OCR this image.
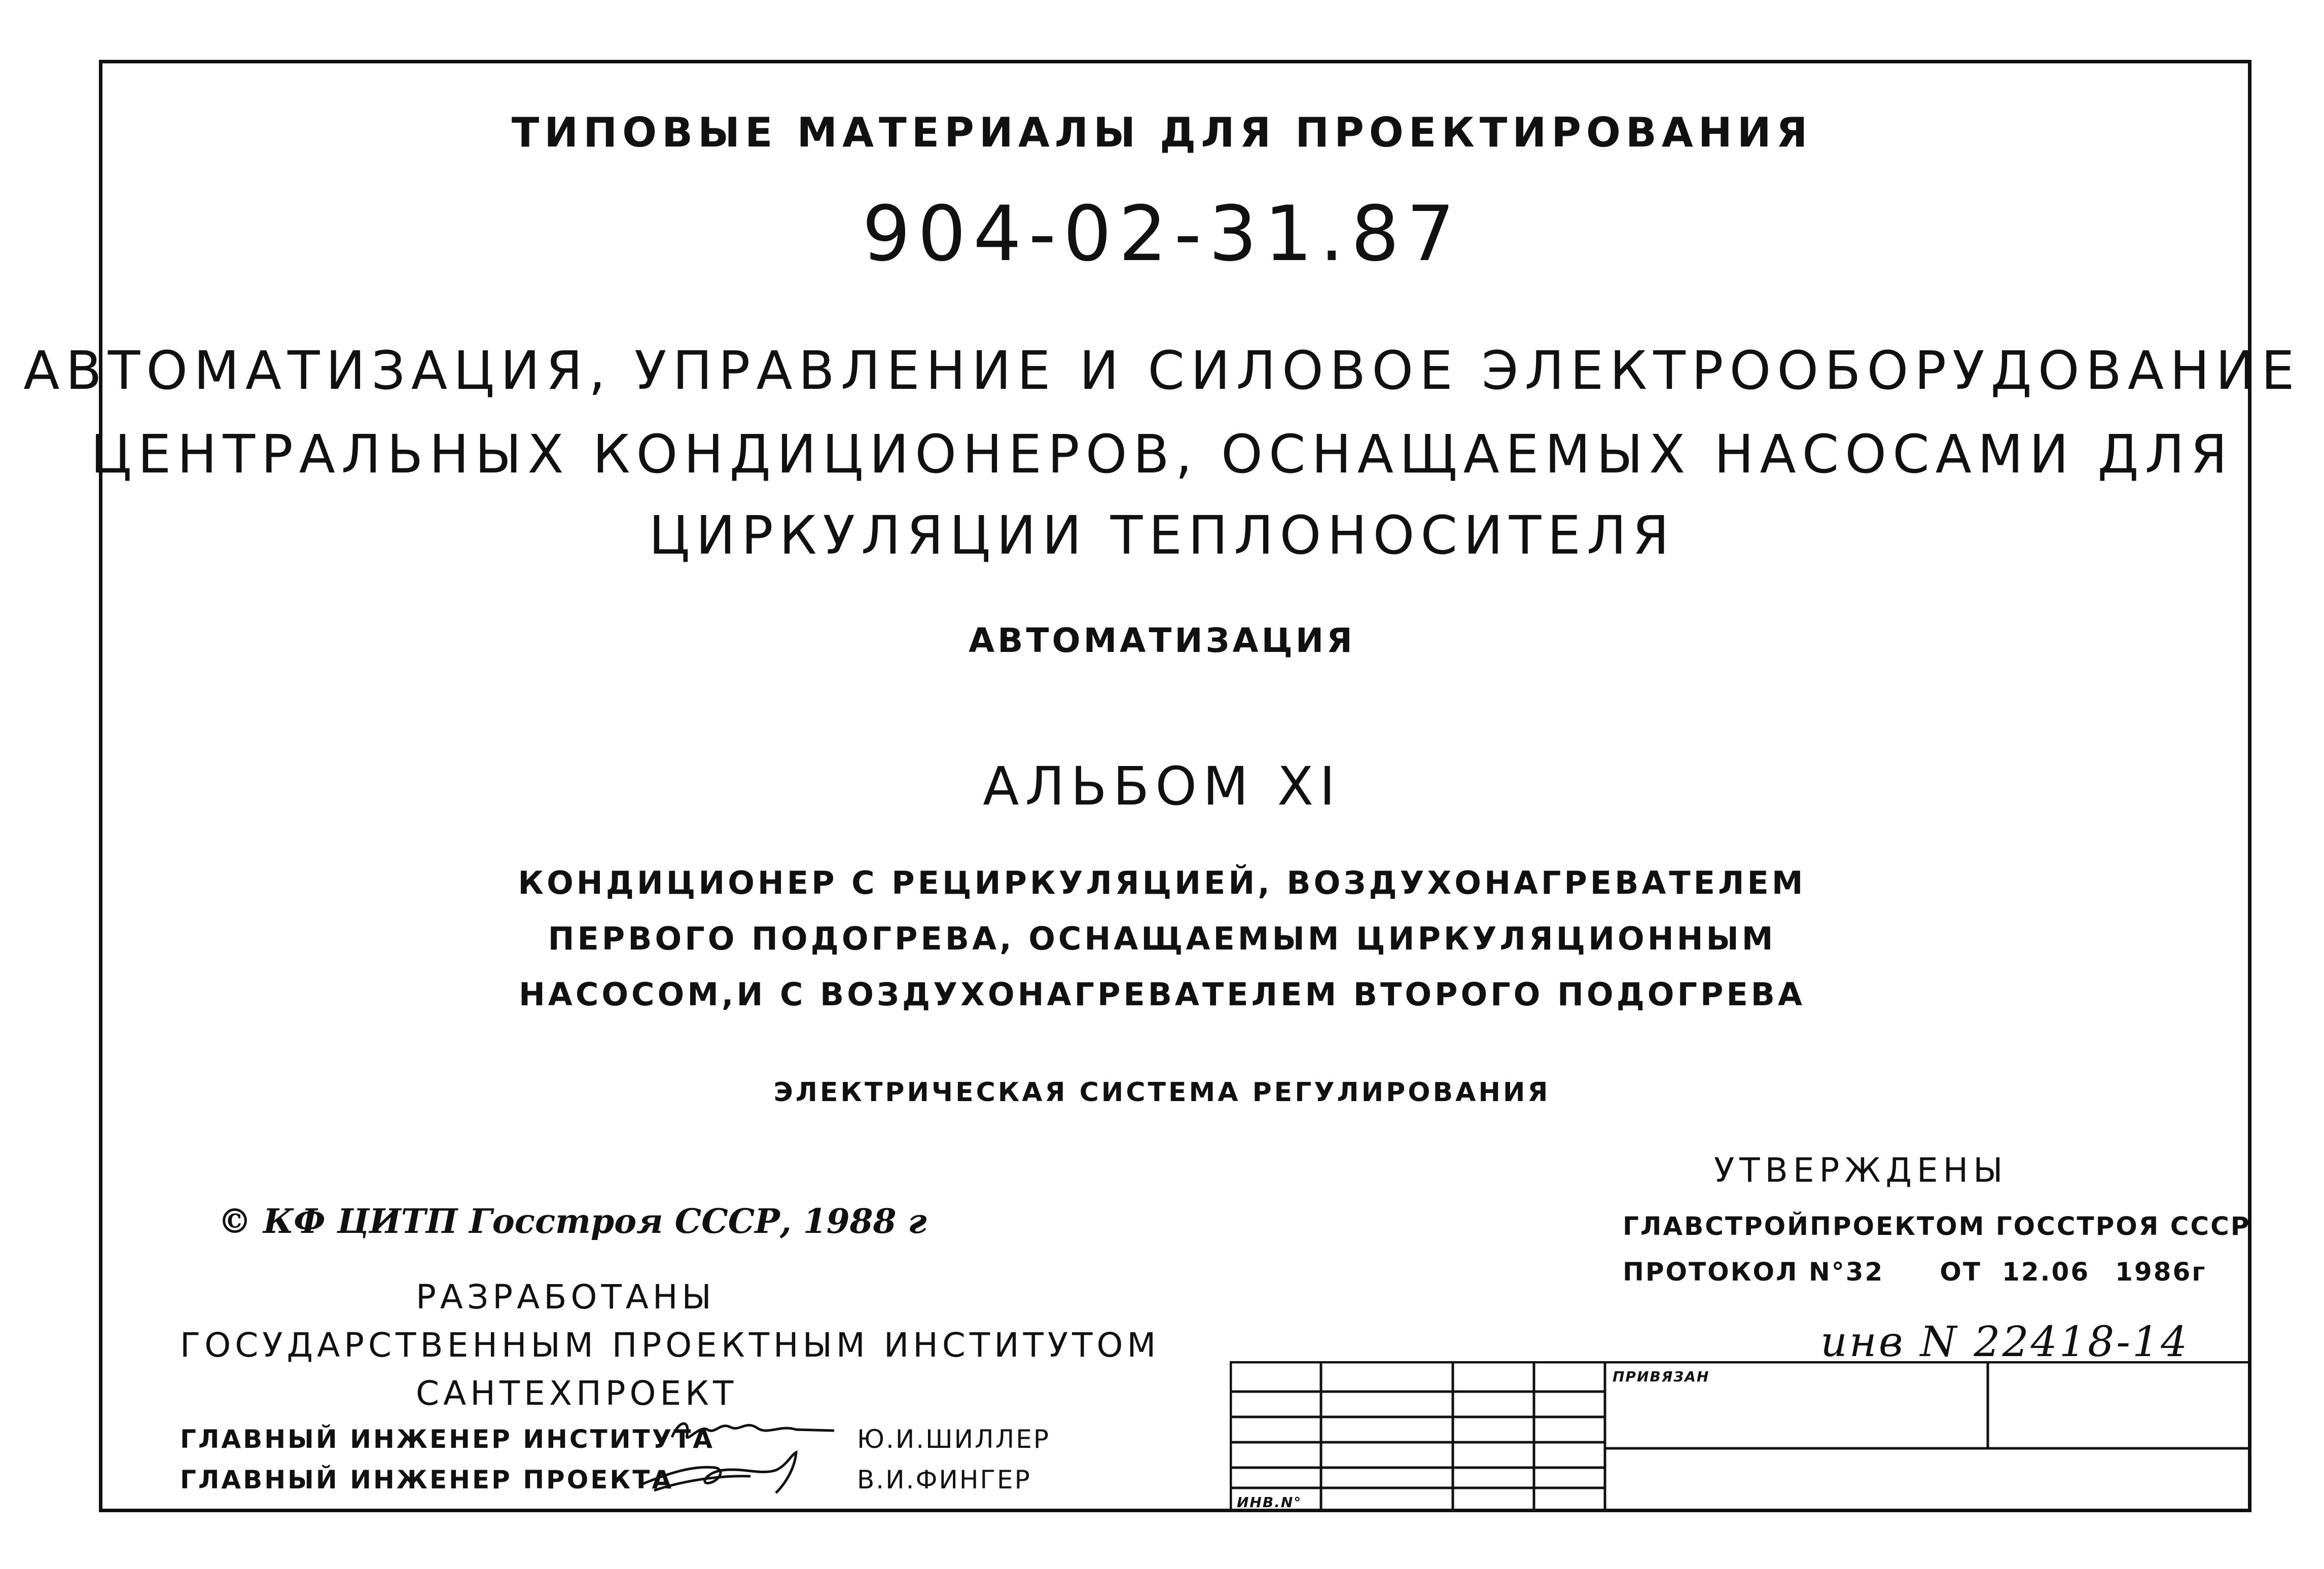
ТИПОВЫЕ МАТЕРИАЛЫ ДЛЯ ПРОЕКТИРОВАНИЯ
904-02-31.87
АВТОМАТИЗАЦИЯ, УПРАВЛЕНИЕ И СИЛОВОЕ ЭЛЕКТРООБОРУДОВАНИЕ
ЦЕНТРАЛЬНЫХ КОНДИЦИОНЕРОВ, ОСНАЩАЕМЫХ НАСОСАМИ ДЛЯ
ЦИРКУЛЯЦИИ ТЕПЛОНОСИТЕЛЯ
АВТОМАТИЗАЦИЯ
АЛЬБОМ XI
КОНДИЦИОНЕР С РЕЦИРКУЛЯЦИЕЙ, ВОЗДУХОНАГРЕВАТЕЛЕМ
ПЕРВОГО ПОДОГРЕВА, ОСНАЩАЕМЫМ ЦИРКУЛЯЦИОННЫМ
НАСОСОМ,И С ВОЗДУХОНАГРЕВАТЕЛЕМ ВТОРОГО ПОДОГРЕВА
ЭЛЕКТРИЧЕСКАЯ СИСТЕМА РЕГУЛИРОВАНИЯ
© КФ ЦИТП Госстроя СССР, 1988 г
УТВЕРЖДЕНЫ
ГЛАВСТРОЙПРОЕКТОМ ГОССТРОЯ СССР
ПРОТОКОЛ N°32 ОТ 12.06 1986г
РАЗРАБОТАНЫ
ГОСУДАРСТВЕННЫМ ПРОЕКТНЫМ ИНСТИТУТОМ
САНТЕХПРОЕКТ
ГЛАВНЫЙ ИНЖЕНЕР ИНСТИТУТА
ГЛАВНЫЙ ИНЖЕНЕР ПРОЕКТА
Ю.И.ШИЛЛЕР
В.И.ФИНГЕР
инв N 22418-14
ПРИВЯЗАН
ИНВ.N°
